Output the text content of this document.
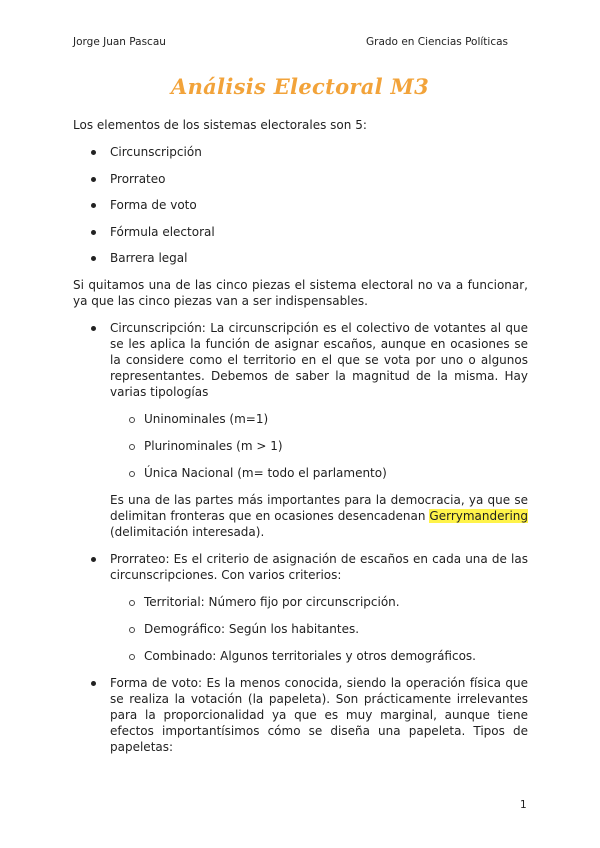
Jorge Juan Pascau	Grado en Ciencias Políticas
Análisis Electoral M3

Los elementos de los sistemas electorales son 5:

Circunscripción
Prorrateo
Forma de voto
Fórmula electoral
Barrera legal

Si quitamos una de las cinco piezas el sistema electoral no va a funcionar, ya que las cinco piezas van a ser indispensables.

Circunscripción: La circunscripción es el colectivo de votantes al que se les aplica la función de asignar escaños, aunque en ocasiones se la considere como el territorio en el que se vota por uno o algunos representantes. Debemos de saber la magnitud de la misma. Hay varias tipologías

Uninominales (m=1)
Plurinominales (m > 1)
Única Nacional (m= todo el parlamento)

Es una de las partes más importantes para la democracia, ya que se delimitan fronteras que en ocasiones desencadenan Gerrymandering (delimitación interesada).

Prorrateo: Es el criterio de asignación de escaños en cada una de las circunscripciones. Con varios criterios:

Territorial: Número fijo por circunscripción.
Demográfico: Según los habitantes.
Combinado: Algunos territoriales y otros demográficos.

Forma de voto: Es la menos conocida, siendo la operación física que se realiza la votación (la papeleta). Son prácticamente irrelevantes para la proporcionalidad ya que es muy marginal, aunque tiene efectos importantísimos cómo se diseña una papeleta. Tipos de papeletas:

1
